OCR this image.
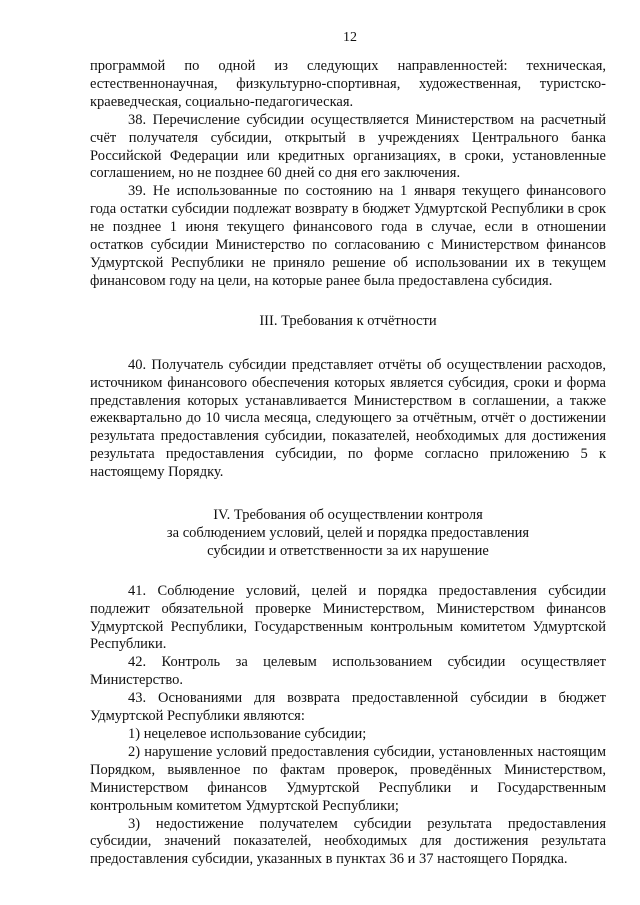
12

программой по одной из следующих направленностей: техническая, естественнонаучная, физкультурно-спортивная, художественная, туристско-краеведческая, социально-педагогическая.

38. Перечисление субсидии осуществляется Министерством на расчетный счёт получателя субсидии, открытый в учреждениях Центрального банка Российской Федерации или кредитных организациях, в сроки, установленные соглашением, но не позднее 60 дней со дня его заключения.

39. Не использованные по состоянию на 1 января текущего финансового года остатки субсидии подлежат возврату в бюджет Удмуртской Республики в срок не позднее 1 июня текущего финансового года в случае, если в отношении остатков субсидии Министерство по согласованию с Министерством финансов Удмуртской Республики не приняло решение об использовании их в текущем финансовом году на цели, на которые ранее была предоставлена субсидия.

III. Требования к отчётности

40. Получатель субсидии представляет отчёты об осуществлении расходов, источником финансового обеспечения которых является субсидия, сроки и форма представления которых устанавливается Министерством в соглашении, а также ежеквартально до 10 числа месяца, следующего за отчётным, отчёт о достижении результата предоставления субсидии, показателей, необходимых для достижения результата предоставления субсидии, по форме согласно приложению 5 к настоящему Порядку.

IV. Требования об осуществлении контроля
за соблюдением условий, целей и порядка предоставления
субсидии и ответственности за их нарушение

41. Соблюдение условий, целей и порядка предоставления субсидии подлежит обязательной проверке Министерством, Министерством финансов Удмуртской Республики, Государственным контрольным комитетом Удмуртской Республики.

42. Контроль за целевым использованием субсидии осуществляет Министерство.

43. Основаниями для возврата предоставленной субсидии в бюджет Удмуртской Республики являются:

1) нецелевое использование субсидии;

2) нарушение условий предоставления субсидии, установленных настоящим Порядком, выявленное по фактам проверок, проведённых Министерством, Министерством финансов Удмуртской Республики и Государственным контрольным комитетом Удмуртской Республики;

3) недостижение получателем субсидии результата предоставления субсидии, значений показателей, необходимых для достижения результата предоставления субсидии, указанных в пунктах 36 и 37 настоящего Порядка.
